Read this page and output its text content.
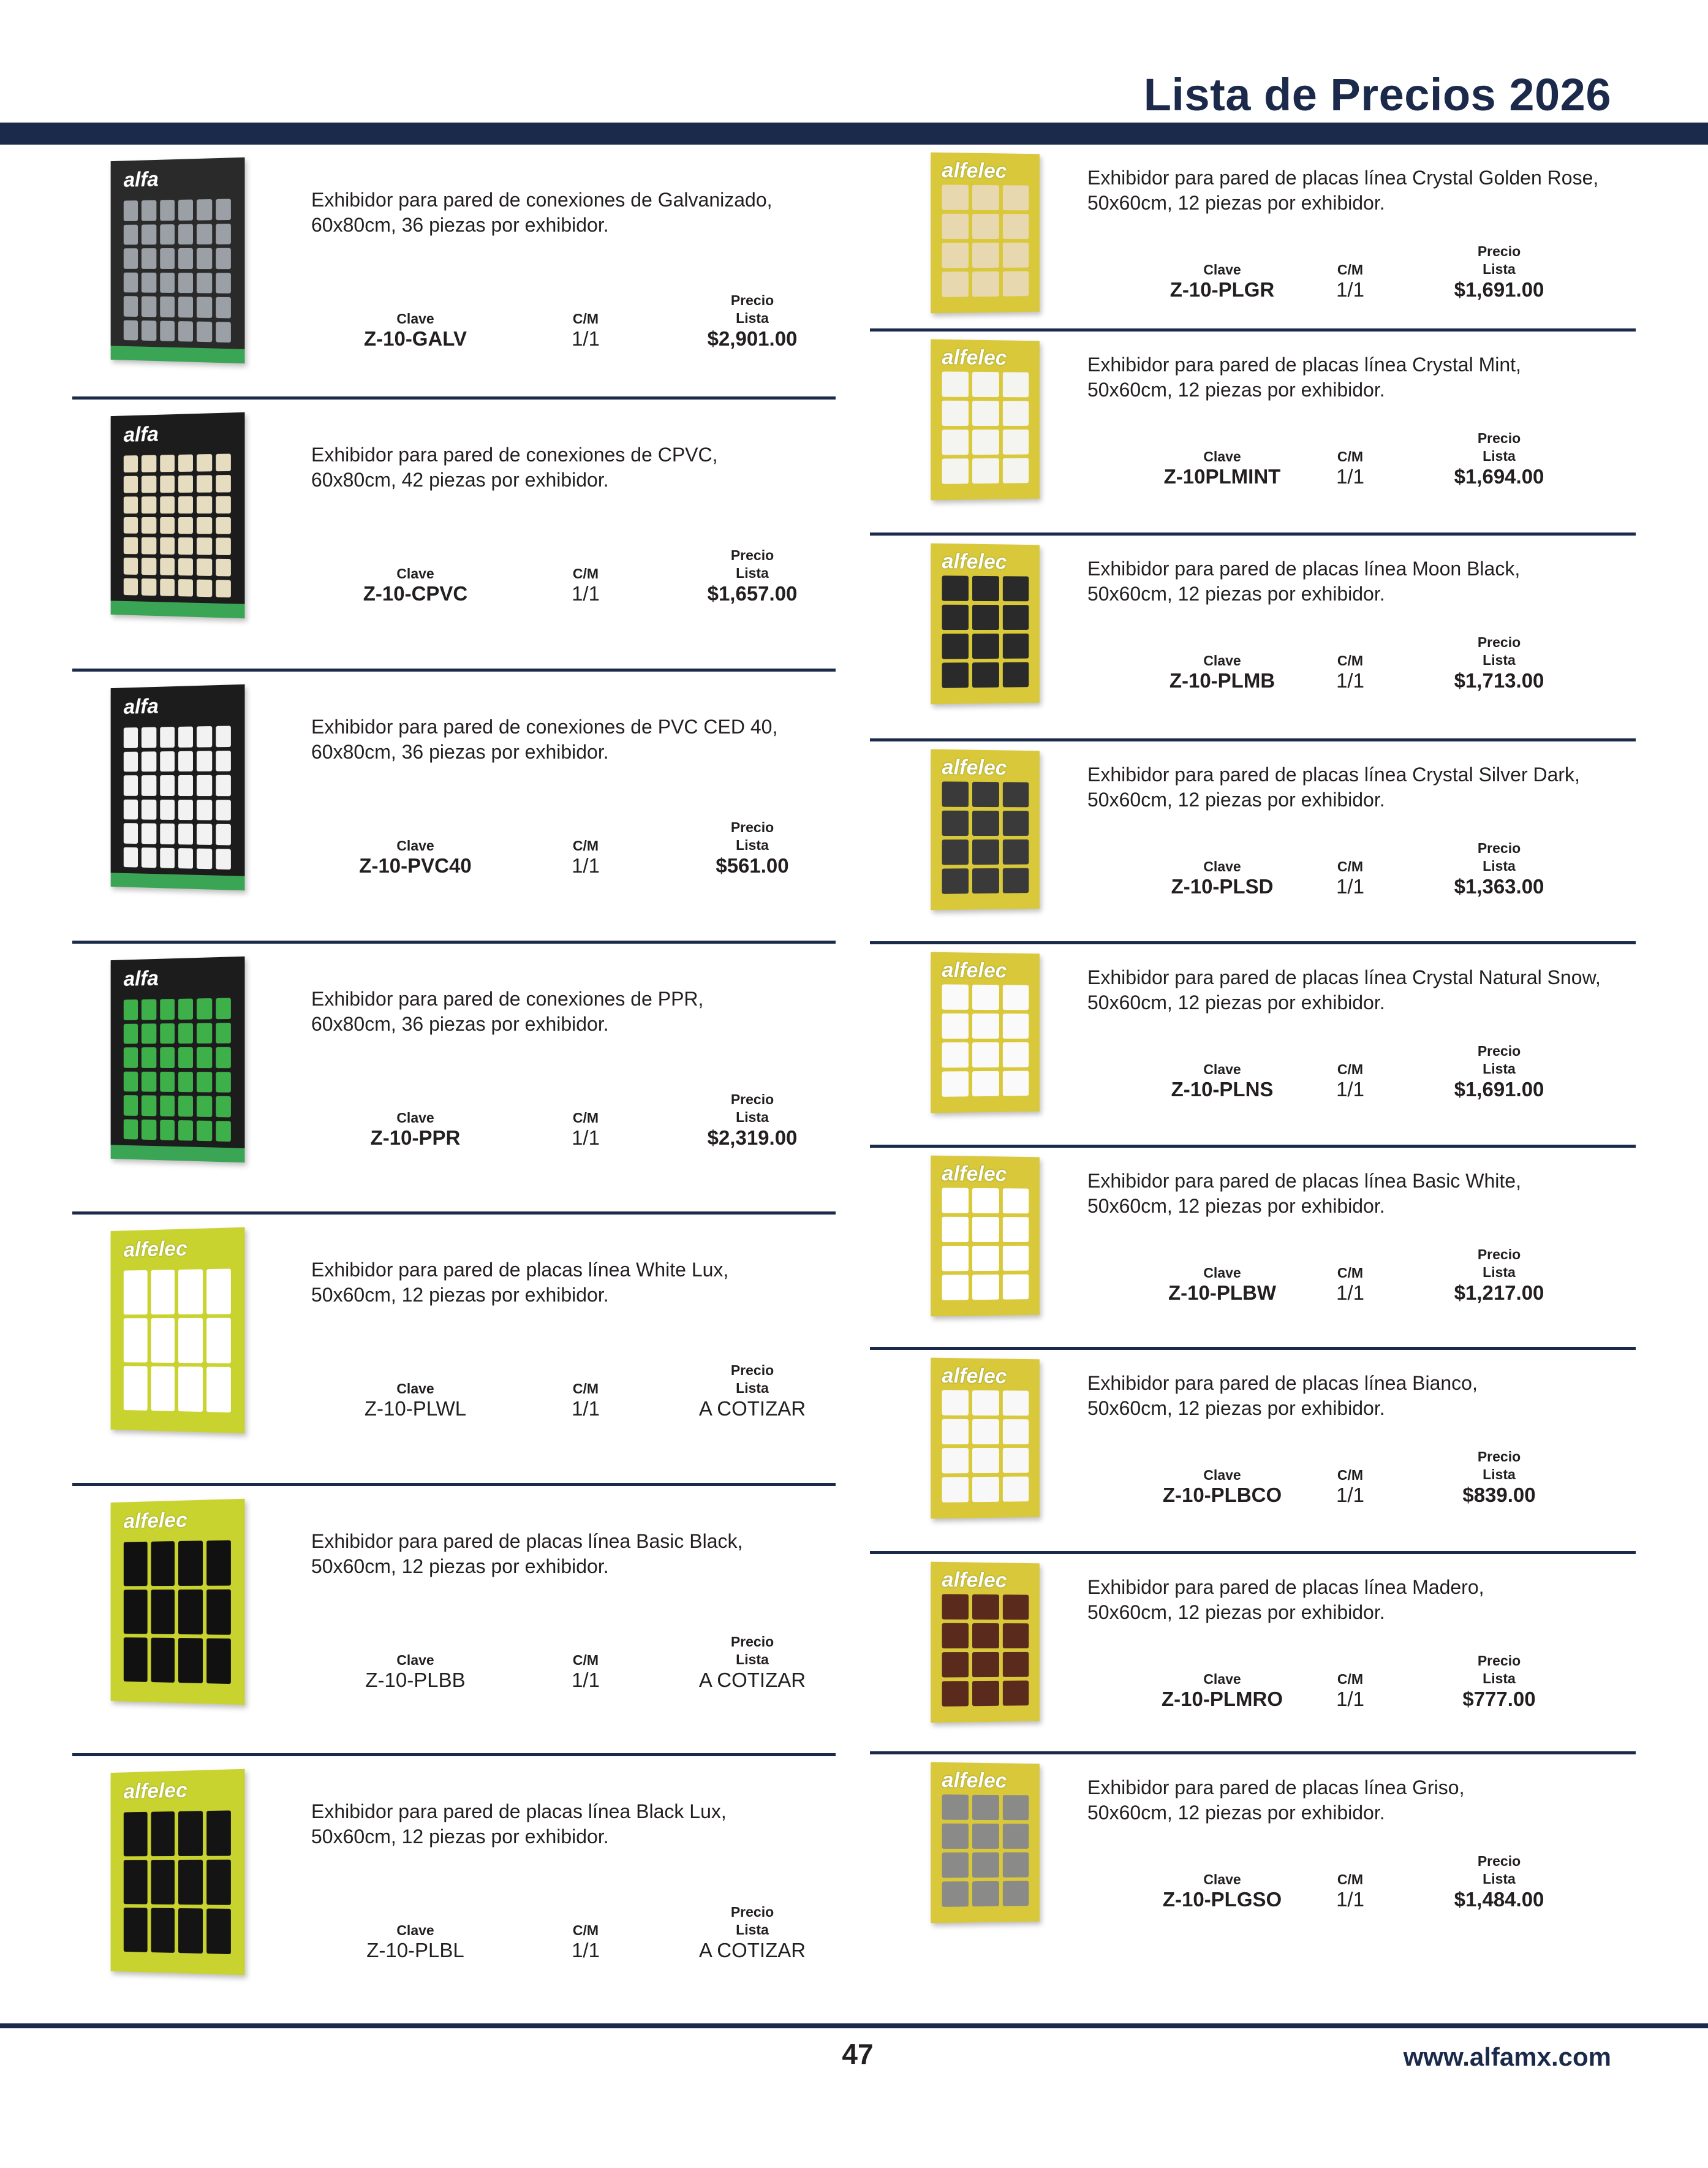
Lista de Precios 2026
alfa

Exhibidor para pared de conexiones de Galvanizado,
60x80cm, 36 piezas por exhibidor.

Clave
Z-10-GALV
C/M
1/1
Precio
Lista
$2,901.00
alfa

Exhibidor para pared de conexiones de CPVC,
60x80cm, 42 piezas por exhibidor.

Clave
Z-10-CPVC
C/M
1/1
Precio
Lista
$1,657.00
alfa

Exhibidor para pared de conexiones de PVC CED 40,
60x80cm, 36 piezas por exhibidor.

Clave
Z-10-PVC40
C/M
1/1
Precio
Lista
$561.00
alfa

Exhibidor para pared de conexiones de PPR,
60x80cm, 36 piezas por exhibidor.

Clave
Z-10-PPR
C/M
1/1
Precio
Lista
$2,319.00
alfelec

Exhibidor para pared de placas línea White Lux,
50x60cm, 12 piezas por exhibidor.

Clave
Z-10-PLWL
C/M
1/1
Precio
Lista
A COTIZAR
alfelec

Exhibidor para pared de placas línea Basic Black,
50x60cm, 12 piezas por exhibidor.

Clave
Z-10-PLBB
C/M
1/1
Precio
Lista
A COTIZAR
alfelec

Exhibidor para pared de placas línea Black Lux,
50x60cm, 12 piezas por exhibidor.

Clave
Z-10-PLBL
C/M
1/1
Precio
Lista
A COTIZAR
alfelec	Exhibidor para pared de placas línea Crystal Golden Rose,
50x60cm, 12 piezas por exhibidor.

Clave
Z-10-PLGR
C/M
1/1
Precio
Lista
$1,691.00
alfelec	Exhibidor para pared de placas línea Crystal Mint,
50x60cm, 12 piezas por exhibidor.

Clave
Z-10PLMINT
C/M
1/1
Precio
Lista
$1,694.00
alfelec	Exhibidor para pared de placas línea Moon Black,
50x60cm, 12 piezas por exhibidor.

Clave
Z-10-PLMB
C/M
1/1
Precio
Lista
$1,713.00
alfelec	Exhibidor para pared de placas línea Crystal Silver Dark,
50x60cm, 12 piezas por exhibidor.

Clave
Z-10-PLSD
C/M
1/1
Precio
Lista
$1,363.00
alfelec	Exhibidor para pared de placas línea Crystal Natural Snow,
50x60cm, 12 piezas por exhibidor.

Clave
Z-10-PLNS
C/M
1/1
Precio
Lista
$1,691.00
alfelec	Exhibidor para pared de placas línea Basic White,
50x60cm, 12 piezas por exhibidor.

Clave
Z-10-PLBW
C/M
1/1
Precio
Lista
$1,217.00
alfelec	Exhibidor para pared de placas línea Bianco,
50x60cm, 12 piezas por exhibidor.

Clave
Z-10-PLBCO
C/M
1/1
Precio
Lista
$839.00
alfelec	Exhibidor para pared de placas línea Madero,
50x60cm, 12 piezas por exhibidor.

Clave
Z-10-PLMRO
C/M
1/1
Precio
Lista
$777.00
alfelec	Exhibidor para pared de placas línea Griso,
50x60cm, 12 piezas por exhibidor.

Clave
Z-10-PLGSO
C/M
1/1
Precio
Lista
$1,484.00
47	www.alfamx.com
